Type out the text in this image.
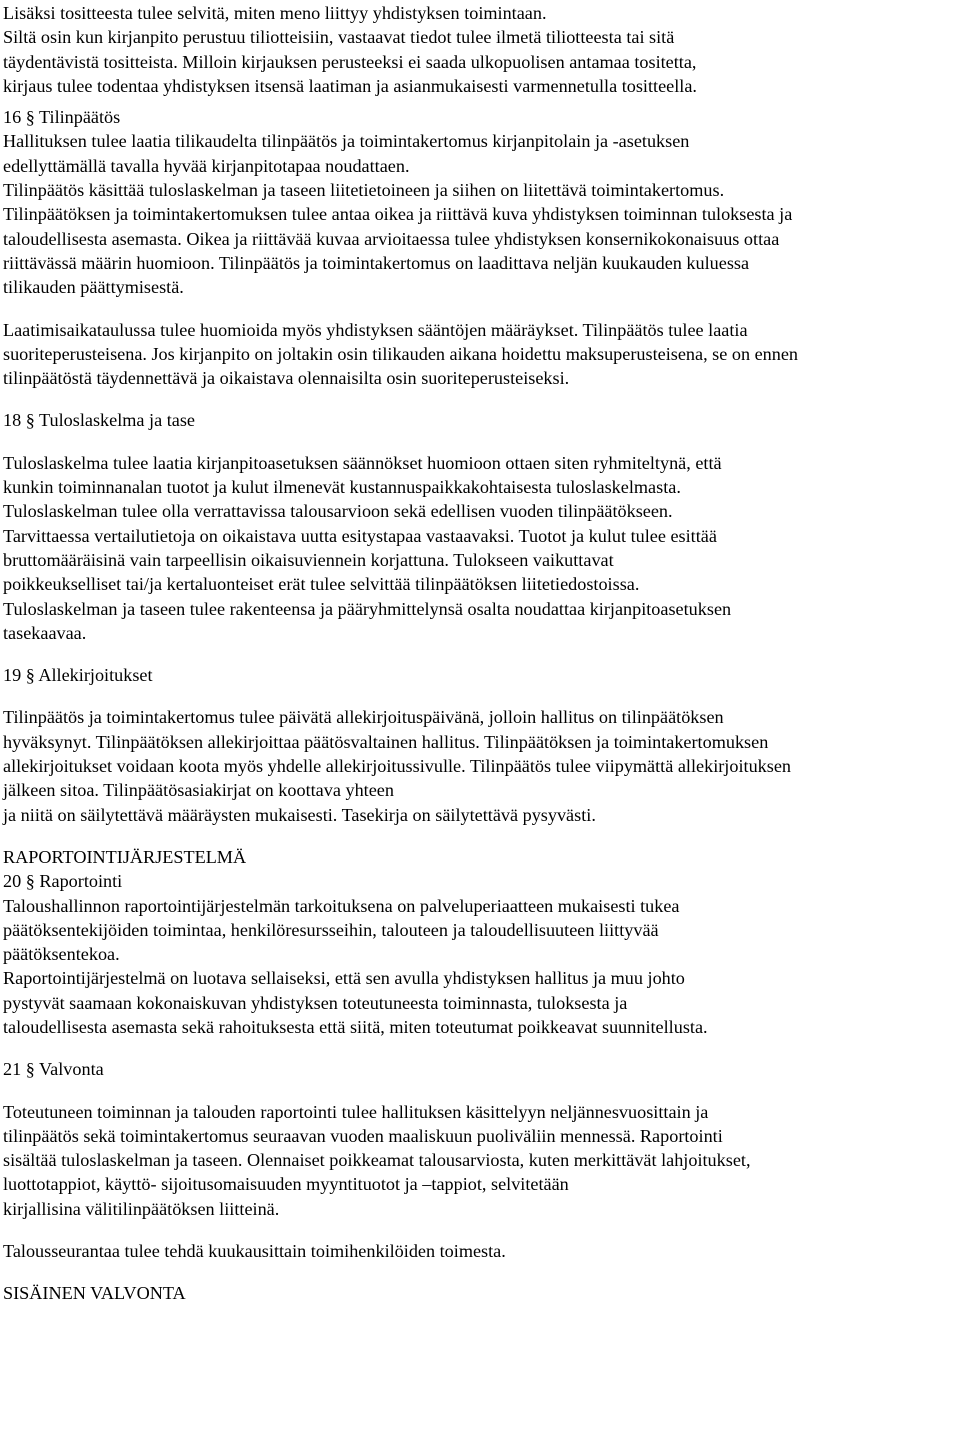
Lisäksi tositteesta tulee selvitä, miten meno liittyy yhdistyksen toimintaan.
Siltä osin kun kirjanpito perustuu tiliotteisiin, vastaavat tiedot tulee ilmetä tiliotteesta tai sitä
täydentävistä tositteista. Milloin kirjauksen perusteeksi ei saada ulkopuolisen antamaa tositetta,
kirjaus tulee todentaa yhdistyksen itsensä laatiman ja asianmukaisesti varmennetulla tositteella.
16 § Tilinpäätös
Hallituksen tulee laatia tilikaudelta tilinpäätös ja toimintakertomus kirjanpitolain ja -asetuksen
edellyttämällä tavalla hyvää kirjanpitotapaa noudattaen.
Tilinpäätös käsittää tuloslaskelman ja taseen liitetietoineen ja siihen on liitettävä toimintakertomus.
Tilinpäätöksen ja toimintakertomuksen tulee antaa oikea ja riittävä kuva yhdistyksen toiminnan tuloksesta ja
taloudellisesta asemasta. Oikea ja riittävää kuvaa arvioitaessa tulee yhdistyksen konsernikokonaisuus ottaa
riittävässä määrin huomioon. Tilinpäätös ja toimintakertomus on laadittava neljän kuukauden kuluessa
tilikauden päättymisestä.
Laatimisaikataulussa tulee huomioida myös yhdistyksen sääntöjen määräykset. Tilinpäätös tulee laatia
suoriteperusteisena. Jos kirjanpito on joltakin osin tilikauden aikana hoidettu maksuperusteisena, se on ennen
tilinpäätöstä täydennettävä ja oikaistava olennaisilta osin suoriteperusteiseksi.
18 § Tuloslaskelma ja tase
Tuloslaskelma tulee laatia kirjanpitoasetuksen säännökset huomioon ottaen siten ryhmiteltynä, että
kunkin toiminnanalan tuotot ja kulut ilmenevät kustannuspaikkakohtaisesta tuloslaskelmasta.
Tuloslaskelman tulee olla verrattavissa talousarvioon sekä edellisen vuoden tilinpäätökseen.
Tarvittaessa vertailutietoja on oikaistava uutta esitystapaa vastaavaksi. Tuotot ja kulut tulee esittää
bruttomääräisinä vain tarpeellisin oikaisuviennein korjattuna. Tulokseen vaikuttavat
poikkeukselliset tai/ja kertaluonteiset erät tulee selvittää tilinpäätöksen liitetiedostoissa.
Tuloslaskelman ja taseen tulee rakenteensa ja pääryhmittelynsä osalta noudattaa kirjanpitoasetuksen
tasekaavaa.
19 § Allekirjoitukset
Tilinpäätös ja toimintakertomus tulee päivätä allekirjoituspäivänä, jolloin hallitus on tilinpäätöksen
hyväksynyt. Tilinpäätöksen allekirjoittaa päätösvaltainen hallitus. Tilinpäätöksen ja toimintakertomuksen
allekirjoitukset voidaan koota myös yhdelle allekirjoitussivulle. Tilinpäätös tulee viipymättä allekirjoituksen
jälkeen sitoa. Tilinpäätösasiakirjat on koottava yhteen
ja niitä on säilytettävä määräysten mukaisesti. Tasekirja on säilytettävä pysyvästi.
RAPORTOINTIJÄRJESTELMÄ
20 § Raportointi
Taloushallinnon raportointijärjestelmän tarkoituksena on palveluperiaatteen mukaisesti tukea
päätöksentekijöiden toimintaa, henkilöresursseihin, talouteen ja taloudellisuuteen liittyvää
päätöksentekoa.
Raportointijärjestelmä on luotava sellaiseksi, että sen avulla yhdistyksen hallitus ja muu johto
pystyvät saamaan kokonaiskuvan yhdistyksen toteutuneesta toiminnasta, tuloksesta ja
taloudellisesta asemasta sekä rahoituksesta että siitä, miten toteutumat poikkeavat suunnitellusta.
21 § Valvonta
Toteutuneen toiminnan ja talouden raportointi tulee hallituksen käsittelyyn neljännesvuosittain ja
tilinpäätös sekä toimintakertomus seuraavan vuoden maaliskuun puoliväliin mennessä. Raportointi
sisältää tuloslaskelman ja taseen. Olennaiset poikkeamat talousarviosta, kuten merkittävät lahjoitukset,
luottotappiot, käyttö- sijoitusomaisuuden myyntituotot ja –tappiot, selvitetään
kirjallisina välitilinpäätöksen liitteinä.
Talousseurantaa tulee tehdä kuukausittain toimihenkilöiden toimesta.
SISÄINEN VALVONTA
